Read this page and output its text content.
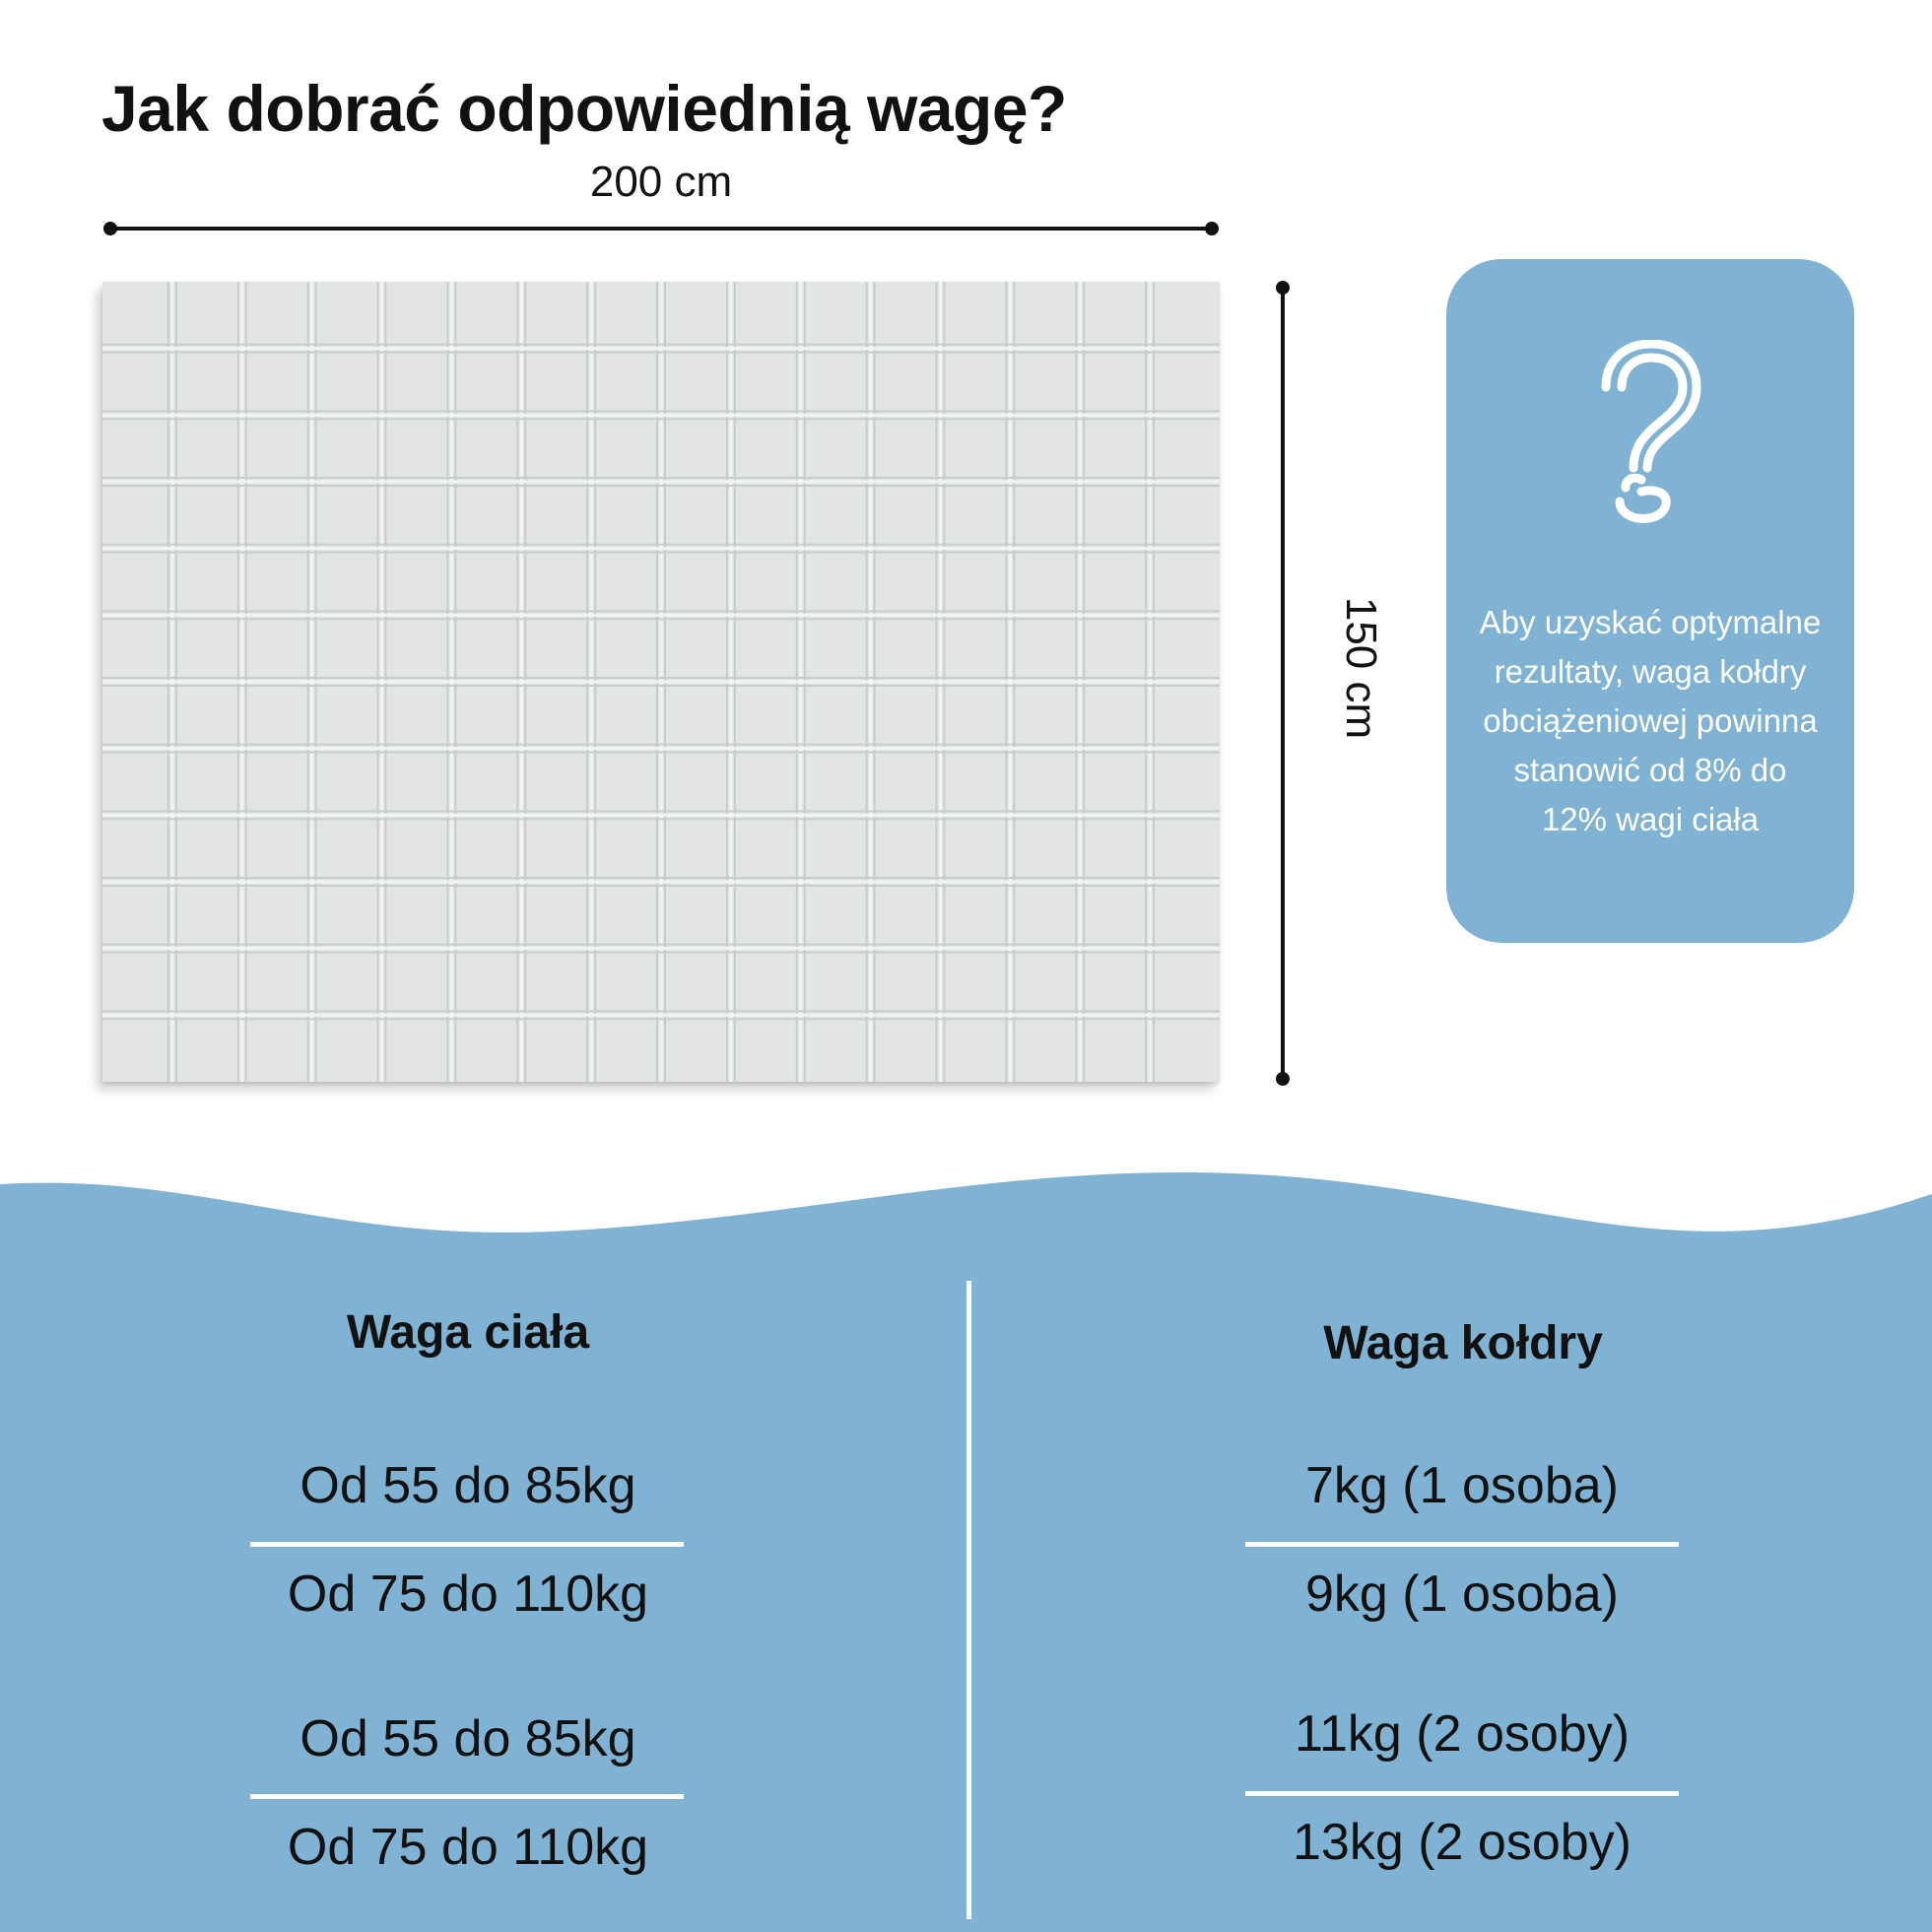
Jak dobrać odpowiednią wagę?
200 cm
150 cm	Aby uzyskać optymalne
rezultaty, waga kołdry
obciążeniowej powinna
stanowić od 8% do
12% wagi ciała
Waga ciała	Waga kołdry
Od 55 do 85kg
Od 75 do 110kg
Od 55 do 85kg
Od 75 do 110kg
7kg (1 osoba)
9kg (1 osoba)
11kg (2 osoby)
13kg (2 osoby)
